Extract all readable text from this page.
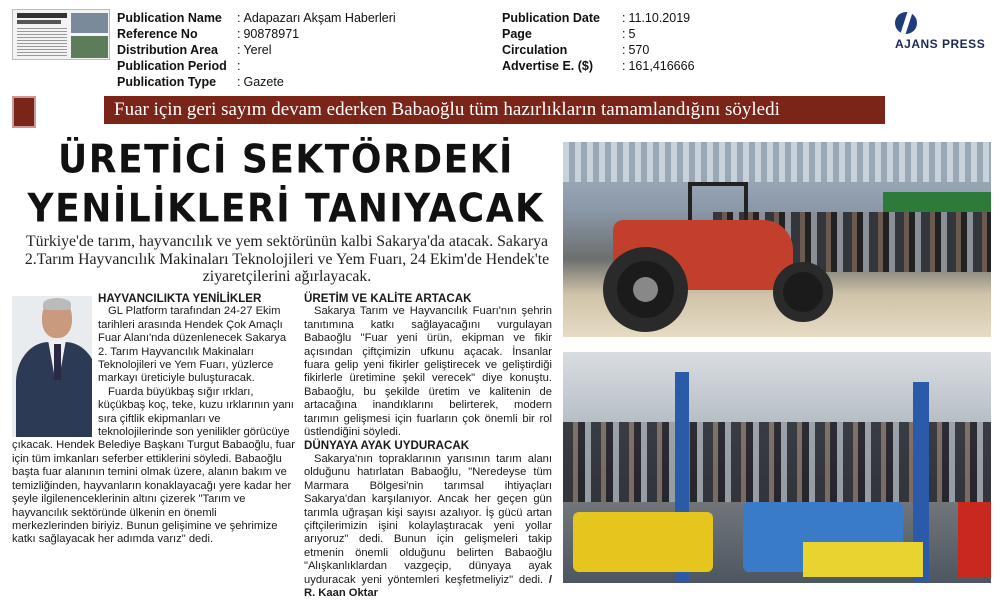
Publication Name	: Adapazarı Akşam Haberleri
Reference No	: 90878971
Distribution Area	: Yerel
Publication Period :
Publication Type	: Gazete
Publication Date	: 11.10.2019
Page	: 5
Circulation	: 570
Advertise E. ($)	: 161,416666
AJANS PRESS
Fuar için geri sayım devam ederken Babaoğlu tüm hazırlıkların tamamlandığını söyledi
ÜRETİCİ SEKTÖRDEKİ
YENİLİKLERİ TANIYACAK
Türkiye'de tarım, hayvancılık ve yem sektörünün kalbi Sakarya'da atacak. Sakarya 2.Tarım Hayvancılık Makinaları Teknolojileri ve Yem Fuarı, 24 Ekim'de Hendek'te ziyaretçilerini ağırlayacak.

HAYVANCILIKTA YENİLİKLER

GL Platform tarafından 24-27 Ekim tarihleri arasında Hendek Çok Amaçlı Fuar Alanı'nda düzenlenecek Sakarya 2. Tarım Hayvancılık Makinaları Teknolojileri ve Yem Fuarı, yüzlerce markayı üreticiyle buluşturacak.

Fuarda büyükbaş sığır ırkları, küçükbaş koç, teke, kuzu ırklarının yanı sıra çiftlik ekipmanları ve teknolojilerinde son yenilikler görücüye çıkacak. Hendek Belediye Başkanı Turgut Babaoğlu, fuar için tüm imkanları seferber ettiklerini söyledi. Babaoğlu başta fuar alanının temini olmak üzere, alanın bakım ve temizliğinden, hayvanların konaklayacağı yere kadar her şeyle ilgilenenceklerinin altını çizerek "Tarım ve hayvancılık sektöründe ülkenin en önemli merkezlerinden biriyiz. Bunun gelişimine ve şehrimize katkı sağlayacak her adımda varız" dedi.

ÜRETİM VE KALİTE ARTACAK

Sakarya Tarım ve Hayvancılık Fuarı'nın şehrin tanıtımına katkı sağlayacağını vurgulayan Babaoğlu "Fuar yeni ürün, ekipman ve fikir açısından çiftçimizin ufkunu açacak. İnsanlar fuara gelip yeni fikirler geliştirecek ve geliştirdiği fikirlerle üretimine şekil verecek" diye konuştu. Babaoğlu, bu şekilde üretim ve kalitenin de artacağına inandıklarını belirterek, modern tarımın gelişmesi için fuarların çok önemli bir rol üstlendiğini söyledi.

DÜNYAYA AYAK UYDURACAK

Sakarya'nın topraklarının yarısının tarım alanı olduğunu hatırlatan Babaoğlu, "Neredeyse tüm Marmara Bölgesi'nin tarımsal ihtiyaçları Sakarya'dan karşılanıyor. Ancak her geçen gün tarımla uğraşan kişi sayısı azalıyor. İş gücü artan çiftçilerimizin işini kolaylaştıracak yeni yollar arıyoruz" dedi. Bunun için gelişmeleri takip etmenin önemli olduğunu belirten Babaoğlu "Alışkanlıklardan vazgeçip, dünyaya ayak uyduracak yeni yöntemleri keşfetmeliyiz" dedi. / R. Kaan Oktar
